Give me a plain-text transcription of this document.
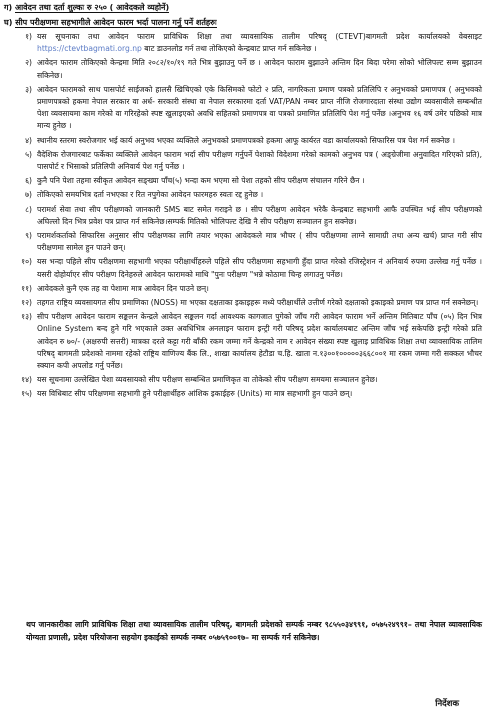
ग) आवेदन तथा दर्ता शुल्कः रु २५० ( आवेदकले व्यहोर्ने)
घ) सीप परीक्षणमा सहभागीले आवेदन फारम भर्दा पालना गर्नु पर्ने शर्तहरुः
१) यस सूचनाका तथा आवेदन फाराम प्राविधिक शिक्षा तथा व्यावसायिक तालीम परिषद् (CTEVT)बागमती प्रदेश कार्यालयको वेबसाइट https://ctevtbagmati.org.np बाट डाउनलोड गर्न तथा तोकिएको केन्द्रबाट प्राप्त गर्न सकिनेछ ।
२) आवेदन फाराम तोकिएको केन्द्रमा मिति २०८२/१०/१९ गते भित्र बुझाउनु पर्ने छ । आवेदन फाराम बुझाउने अन्तिम दिन बिदा परेमा सोको भोलिपल्ट सम्म बुझाउन सकिनेछ।
३) आवेदन फारामको साथ पासपोर्ट साईजको हालसै खिचिएको एके किसिमको फोटो २ प्रति, नागरिकता प्रमाण पत्रको प्रतिलिपि र अनुभवको प्रमाणपत्र ( अनुभवको प्रमाणपत्रको हकमा नेपाल सरकार वा अर्ध- सरकारी संस्था वा नेपाल सरकारमा दर्ता VAT/PAN नम्बर प्राप्त नीजि रोजगारदाता संस्था उद्योग व्यवसायीले सम्बन्धीत पेशा व्यवसायमा काम गरेको वा गरिरहेको स्पष्ट खुलाइएको अवधि सहितको प्रमाणपत्र वा पत्रको प्रमाणित प्रतिलिपि पेश गर्नु पर्नेछ ।अनुभव १६ वर्ष उमेर पछिको मात्र मान्य हुनेछ ।
४) स्थानीय स्तरमा स्वरोजगार भई कार्य अनुभव भएका व्यक्तिले अनुभवको प्रमाणपत्रको हकमा आफू कार्यरत वडा कार्यालयको सिफारिस पत्र पेश गर्न सक्नेछ ।
५) वैदेशिक रोजगारबाट फर्केका व्यक्तिले आवेदन फाराम भर्दा सीप परीक्षण गर्नुपर्ने पेशाको विदेशमा गरेको कामको अनुभव पत्र ( अङ्ग्रेजीमा अनुवादित गरिएको प्रति), पासपोर्ट र भिसाको प्रतिलिपी अनिवार्य पेश गर्नु पर्नेछ ।
६) कुनै पनि पेशा तहमा स्वीकृत आवेदन सङ्ख्या पाँच(५) भन्दा कम भएमा सो पेशा तहको सीप परीक्षण संचालन गरिने छैन ।
७) तोकिएको समयभित्र दर्ता नभएका र रित नपुगेका आवेदन फारमहरु स्वतः रद्द हुनेछ ।
८) परामर्श सेवा तथा सीप परीक्षणको जानकारी SMS बाट समेत गराइने छ । सीप परीक्षण आवेदन भरेकै केन्द्रबाट सहभागी आफै उपस्थित भई सीप परीक्षणको अघिल्लो दिन भित्र प्रवेश पत्र प्राप्त गर्न सकिनेछ।सम्पर्क मितिको भोलिपल्ट देखि नै सीप परीक्षण सञ्चालन हुन सक्नेछ।
९) परामर्शकर्ताको सिफारिस अनुसार सीप परीक्षणका लागि तयार भएका आवेदकले मात्र भौचर ( सीप परीक्षणमा लाग्ने सामाग्री तथा अन्य खर्च) प्राप्त गरी सीप परीक्षणमा सामेल हुन पाउने छन्।
१०) यस भन्दा पहिले सीप परीक्षणमा सहभागी भएका परीक्षार्थीहरुले पहिले सीप परीक्षणमा सहभागी हुँदा प्राप्त गरेको रजिस्ट्रेशन नं अनिवार्य रुपमा उल्लेख गर्नु पर्नेछ । यसरी दोहोर्याएर सीप परीक्षण दिनेहरुले आवेदन फारामको माथि "पुनः परीक्षण "भन्ने कोठामा चिन्ह लगाउनु पर्नेछ।
११) आवेदकले कुनै एक तह वा पेशामा मात्र आवेदन दिन पाउने छन्।
१२) तहगत राष्ट्रिय व्यवसायगत सीप प्रमाणिका (NOSS) मा भएका दक्षताका इकाइहरू मध्ये परीक्षार्थीले उत्तीर्ण गरेको दक्षताको इकाइको प्रमाण पत्र प्राप्त गर्न सक्नेछन्।
१३) सीप परीक्षण आवेदन फाराम सङ्कलन केन्द्रले आवेदन सङ्कलन गर्दा आवश्यक कागजात पुगेको जाँच गरी आवेदन फाराम भर्ने अन्तिम मितिबाट पाँच (०५) दिन भित्र Online System बन्द हुने गरि भएकाले उक्त अवधिभित्र अनलाइन फाराम इन्ट्री गरी परिषद् प्रदेश कार्यालयबाट अन्तिम जाँच भई सकेपछि इन्ट्री गरेको प्रति आवेदन रु ७०/- (अक्षरुपी सत्तरी) मात्रका दरले कट्टा गरी बाँकी रकम जम्मा गर्ने केन्द्रको नाम र आवेदन संख्या स्पष्ट खुलाइ प्राविधिक शिक्षा तथा व्यावसायिक तालिम परिषद् बागमती प्रदेशको नाममा रहेको राष्ट्रिय वाणिज्य बैंक लि., शाखा कार्यालय हेटौडा च.हि. खाता न.१३००१०००००३६६८००१ मा रकम जम्मा गरी सक्कल भौचर स्क्यान कपी अपलोड गर्नु पर्नेछ।
१४) यस सूचनामा उल्लेखित पेशा व्यवसायको सीप परीक्षण सम्बन्धित प्रमाणिकृत वा तोकेको सीप परीक्षण समयमा सञ्चालन हुनेछ।
१५) यस विधिबाट सीप परिक्षणमा सहभागी हुने परीक्षार्थीहरु आंशिक इकाईहरु (Units) मा मात्र सहभागी हुन पाउने छन्।
थप जानकारीका लागि प्राविधिक शिक्षा तथा व्यावसायिक तालीम परिषद्, बागमती प्रदेशको सम्पर्क नम्बर ९८५५०३४९९१, ०५७५२४९९१– तथा नेपाल व्यावसायिक योग्यता प्रणाली, प्रदेश परियोजना सहयोग इकाईको सम्पर्क नम्बर ०५७५९००१७– मा सम्पर्क गर्न सकिनेछ।
निर्देशक
